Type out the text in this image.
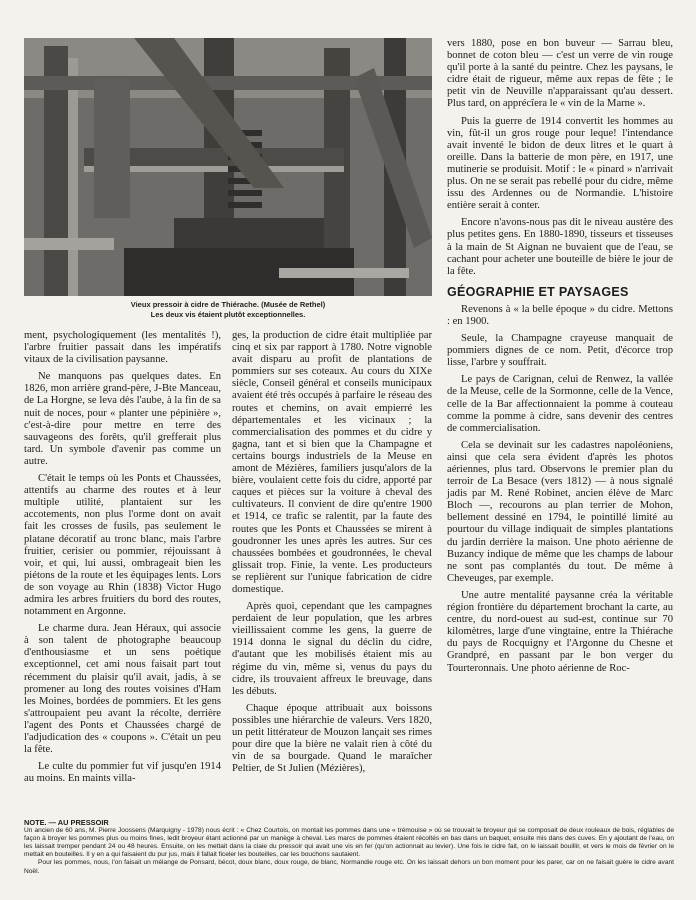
Vieux pressoir à cidre de Thiérache. (Musée de Rethel)
Les deux vis étaient plutôt exceptionnelles.

ment, psychologiquement (les mentalités !), l'arbre fruitier passait dans les impératifs vitaux de la civilisation paysanne.

Ne manquons pas quelques dates. En 1826, mon arrière grand-père, J-Bte Manceau, de La Horgne, se leva dès l'aube, à la fin de sa nuit de noces, pour « planter une pépinière », c'est-à-dire pour mettre en terre des sauvageons des forêts, qu'il grefferait plus tard. Un symbole d'avenir pas comme un autre.

C'était le temps où les Ponts et Chaussées, attentifs au charme des routes et à leur multiple utilité, plantaient sur les accotements, non plus l'orme dont on avait fait les crosses de fusils, pas seulement le platane décoratif au tronc blanc, mais l'arbre fruitier, cerisier ou pommier, réjouissant à voir, et qui, lui aussi, ombrageait bien les piétons de la route et les équipages lents. Lors de son voyage au Rhin (1838) Victor Hugo admira les arbres fruitiers du bord des routes, notamment en Argonne.

Le charme dura. Jean Héraux, qui associe à son talent de photographe beaucoup d'enthousiasme et un sens poétique exceptionnel, cet ami nous faisait part tout récemment du plaisir qu'il avait, jadis, à se promener au long des routes voisines d'Ham les Moines, bordées de pommiers. Et les gens s'attroupaient peu avant la récolte, derrière l'agent des Ponts et Chaussées chargé de l'adjudication des « coupons ». C'était un peu la fête.

Le culte du pommier fut vif jusqu'en 1914 au moins. En maints villa-

ges, la production de cidre était multipliée par cinq et six par rapport à 1780. Notre vignoble avait disparu au profit de plantations de pommiers sur ses coteaux. Au cours du XIXe siècle, Conseil général et conseils municipaux avaient été très occupés à parfaire le réseau des routes et chemins, on avait empierré les départementales et les vicinaux ; la commercialisation des pommes et du cidre y gagna, tant et si bien que la Champagne et certains bourgs industriels de la Meuse en amont de Mézières, familiers jusqu'alors de la bière, voulaient cette fois du cidre, apporté par caques et pièces sur la voiture à cheval des cultivateurs. Il convient de dire qu'entre 1900 et 1914, ce trafic se ralentit, par la faute des routes que les Ponts et Chaussées se mirent à goudronner les unes après les autres. Sur ces chaussées bombées et goudronnées, le cheval glissait trop. Finie, la vente. Les producteurs se replièrent sur l'unique fabrication de cidre domestique.

Après quoi, cependant que les campagnes perdaient de leur population, que les arbres vieillissaient comme les gens, la guerre de 1914 donna le signal du déclin du cidre, d'autant que les mobilisés étaient mis au régime du vin, même si, venus du pays du cidre, ils trouvaient affreux le breuvage, dans les débuts.

Chaque époque attribuait aux boissons possibles une hiérarchie de valeurs. Vers 1820, un petit littérateur de Mouzon lançait ses rimes pour dire que la bière ne valait rien à côté du vin de sa bourgade. Quand le maraîcher Peltier, de St Julien (Mézières),

vers 1880, pose en bon buveur — Sarrau bleu, bonnet de coton bleu — c'est un verre de vin rouge qu'il porte à la santé du peintre. Chez les paysans, le cidre était de rigueur, même aux repas de fête ; le petit vin de Neuville n'apparaissant qu'au dessert. Plus tard, on apprécîera le « vin de la Marne ».

Puis la guerre de 1914 convertit les hommes au vin, fût-il un gros rouge pour leque! l'intendance avait inventé le bidon de deux litres et le quart à oreille. Dans la batterie de mon père, en 1917, une mutinerie se produisit. Motif : le « pinard » n'arrivait plus. On ne se serait pas rebellé pour du cidre, même issu des Ardennes ou de Normandie. L'histoire entière serait à conter.

Encore n'avons-nous pas dit le niveau austère des plus petites gens. En 1880-1890, tisseurs et tisseuses à la main de St Aignan ne buvaient que de l'eau, se cachant pour acheter une bouteille de bière le jour de la fête.

GÉOGRAPHIE ET PAYSAGES

Revenons à « la belle époque » du cidre. Mettons : en 1900.

Seule, la Champagne crayeuse manquait de pommiers dignes de ce nom. Petit, d'écorce trop lisse, l'arbre y souffrait.

Le pays de Carignan, celui de Renwez, la vallée de la Meuse, celle de la Sormonne, celle de la Vence, celle de la Bar affectionnaient la pomme à couteau comme la pomme à cidre, sans devenir des centres de commercialisation.

Cela se devinait sur les cadastres napoléoniens, ainsi que cela sera évident d'après les photos aériennes, plus tard. Observons le premier plan du terroir de La Besace (vers 1812) — à nous signalé jadis par M. René Robinet, ancien élève de Marc Bloch —, recourons au plan terrier de Mohon, bellement dessiné en 1794, le pointillé limité au pourtour du village indiquait de simples plantations du jardin derrière la maison. Une photo aérienne de Buzancy indique de même que les champs de labour ne sont pas complantés du tout. De même à Cheveuges, par exemple.

Une autre mentalité paysanne créa la véritable région frontière du département brochant la carte, au centre, du nord-ouest au sud-est, continue sur 70 kilomètres, large d'une vingtaine, entre la Thiérache du pays de Rocquigny et l'Argonne du Chesne et Grandpré, en passant par le bon verger du Tourteronnais. Une photo aérienne de Roc-

NOTE. — AU PRESSOIR

Un ancien de 60 ans, M. Pierre Joossens (Marquigny - 1978) nous écrit : « Chez Courtois, on montait les pommes dans une « trémouise » où se trouvait le broyeur qui se composait de deux rouleaux de bois, réglables de façon à broyer les pommes plus ou moins fines, ledit broyeur étant actionné par un manège à cheval. Les marcs de pommes étaient récoltés en bas dans un baquet, ensuite mis dans des cuves. En y ajoutant de l'eau, on les laissait tremper pendant 24 ou 48 heures. Ensuite, on les mettait dans la claie du pressoir qui avait une vis en fer (qu'on actionnait au levier). Une fois le cidre fait, on le laissait bouillir, et vers le mois de février on le mettait en bouteilles. Il y en a qui faisaient du pur jus, mais il fallait ficeler les bouteilles, car les bouchons sautaient.

Pour les pommes, nous, l'on faisait un mélange de Ponsard, bécot, doux blanc, doux rouge, de blanc, Normandie rouge etc. On les laissait dehors un bon moment pour les parer, car on ne faisait guère le cidre avant Noël.
